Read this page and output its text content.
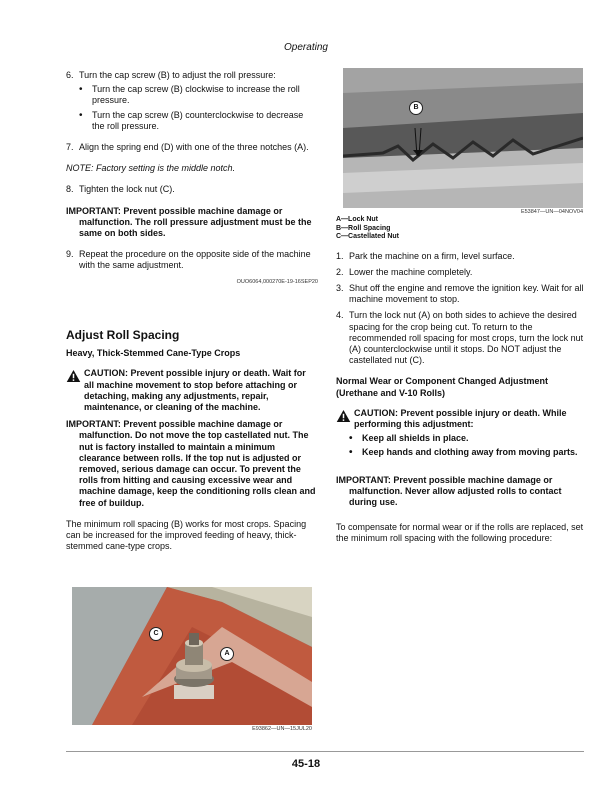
Operating

6. Turn the cap screw (B) to adjust the roll pressure:

• Turn the cap screw (B) clockwise to increase the roll pressure.

• Turn the cap screw (B) counterclockwise to decrease the roll pressure.

7. Align the spring end (D) with one of the three notches (A).

NOTE: Factory setting is the middle notch.

8. Tighten the lock nut (C).

IMPORTANT: Prevent possible machine damage or malfunction. The roll pressure adjustment must be the same on both sides.

9. Repeat the procedure on the opposite side of the machine with the same adjustment.

OUO6064,000270E-19-16SEP20
Adjust Roll Spacing
Heavy, Thick-Stemmed Cane-Type Crops

CAUTION: Prevent possible injury or death. Wait for all machine movement to stop before attaching or detaching, making any adjustments, repair, maintenance, or cleaning of the machine.

IMPORTANT: Prevent possible machine damage or malfunction. Do not move the top castellated nut. The nut is factory installed to maintain a minimum clearance between rolls. If the top nut is adjusted or removed, serious damage can occur. To prevent the rolls from hitting and causing excessive wear and machine damage, keep the conditioning rolls clean and free of buildup.

The minimum roll spacing (B) works for most crops. Spacing can be increased for the improved feeding of heavy, thick-stemmed cane-type crops.

C
A
E93862—UN—15JUL20
B
E53847—UN—04NOV04
A—Lock Nut
B—Roll Spacing
C—Castellated Nut

1. Park the machine on a firm, level surface.

2. Lower the machine completely.

3. Shut off the engine and remove the ignition key. Wait for all machine movement to stop.

4. Turn the lock nut (A) on both sides to achieve the desired spacing for the crop being cut. To return to the recommended roll spacing for most crops, turn the lock nut (A) counterclockwise until it stops. Do NOT adjust the castellated nut (C).

Normal Wear or Component Changed Adjustment (Urethane and V-10 Rolls)

CAUTION: Prevent possible injury or death. While performing this adjustment:

• Keep all shields in place.

• Keep hands and clothing away from moving parts.

IMPORTANT: Prevent possible machine damage or malfunction. Never allow adjusted rolls to contact during use.

To compensate for normal wear or if the rolls are replaced, set the minimum roll spacing with the following procedure:

45-18
